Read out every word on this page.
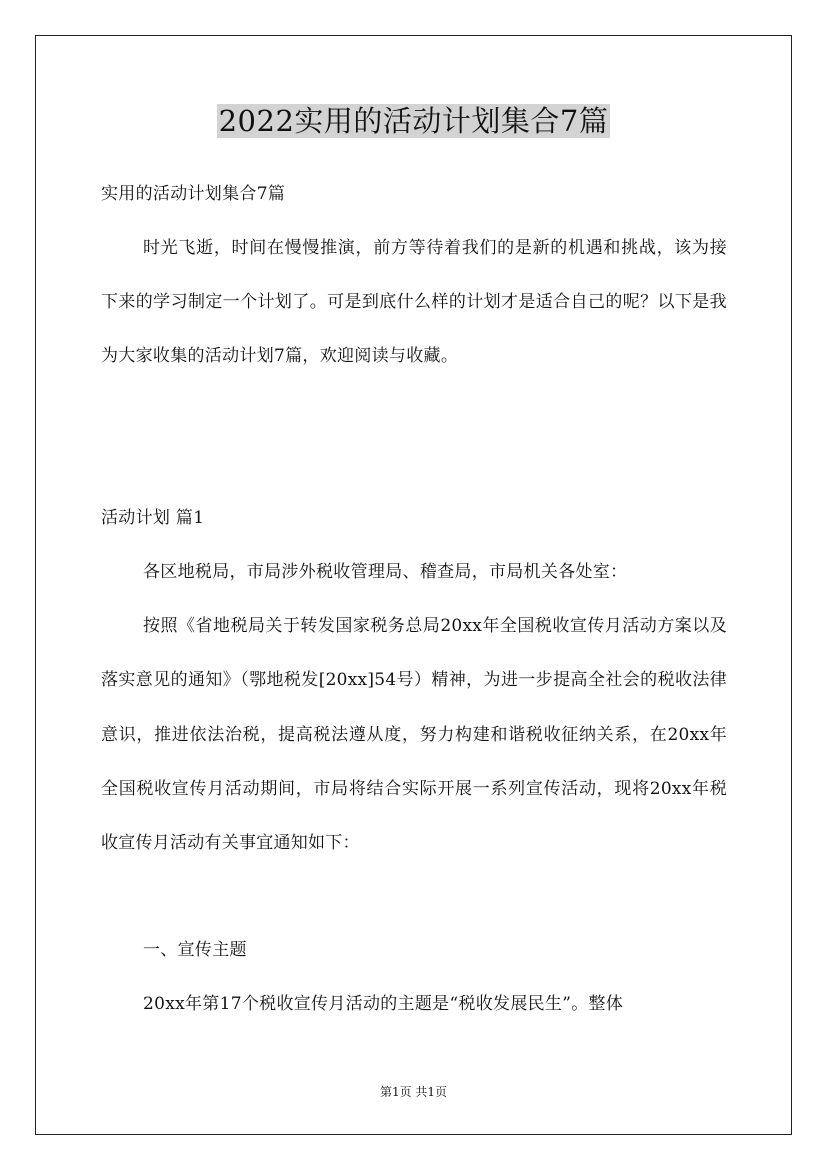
2022实用的活动计划集合7篇
实用的活动计划集合7篇
时光飞逝，时间在慢慢推演，前方等待着我们的是新的机遇和挑战，该为接下来的学习制定一个计划了。可是到底什么样的计划才是适合自己的呢？以下是我为大家收集的活动计划7篇，欢迎阅读与收藏。
活动计划 篇1
各区地税局，市局涉外税收管理局、稽查局，市局机关各处室：
按照《省地税局关于转发国家税务总局20xx年全国税收宣传月活动方案以及落实意见的通知》（鄂地税发[20xx]54号）精神，为进一步提高全社会的税收法律意识，推进依法治税，提高税法遵从度，努力构建和谐税收征纳关系，在20xx年全国税收宣传月活动期间，市局将结合实际开展一系列宣传活动，现将20xx年税收宣传月活动有关事宜通知如下：
一、宣传主题
20xx年第17个税收宣传月活动的主题是“税收发展民生”。整体
第1页 共1页
